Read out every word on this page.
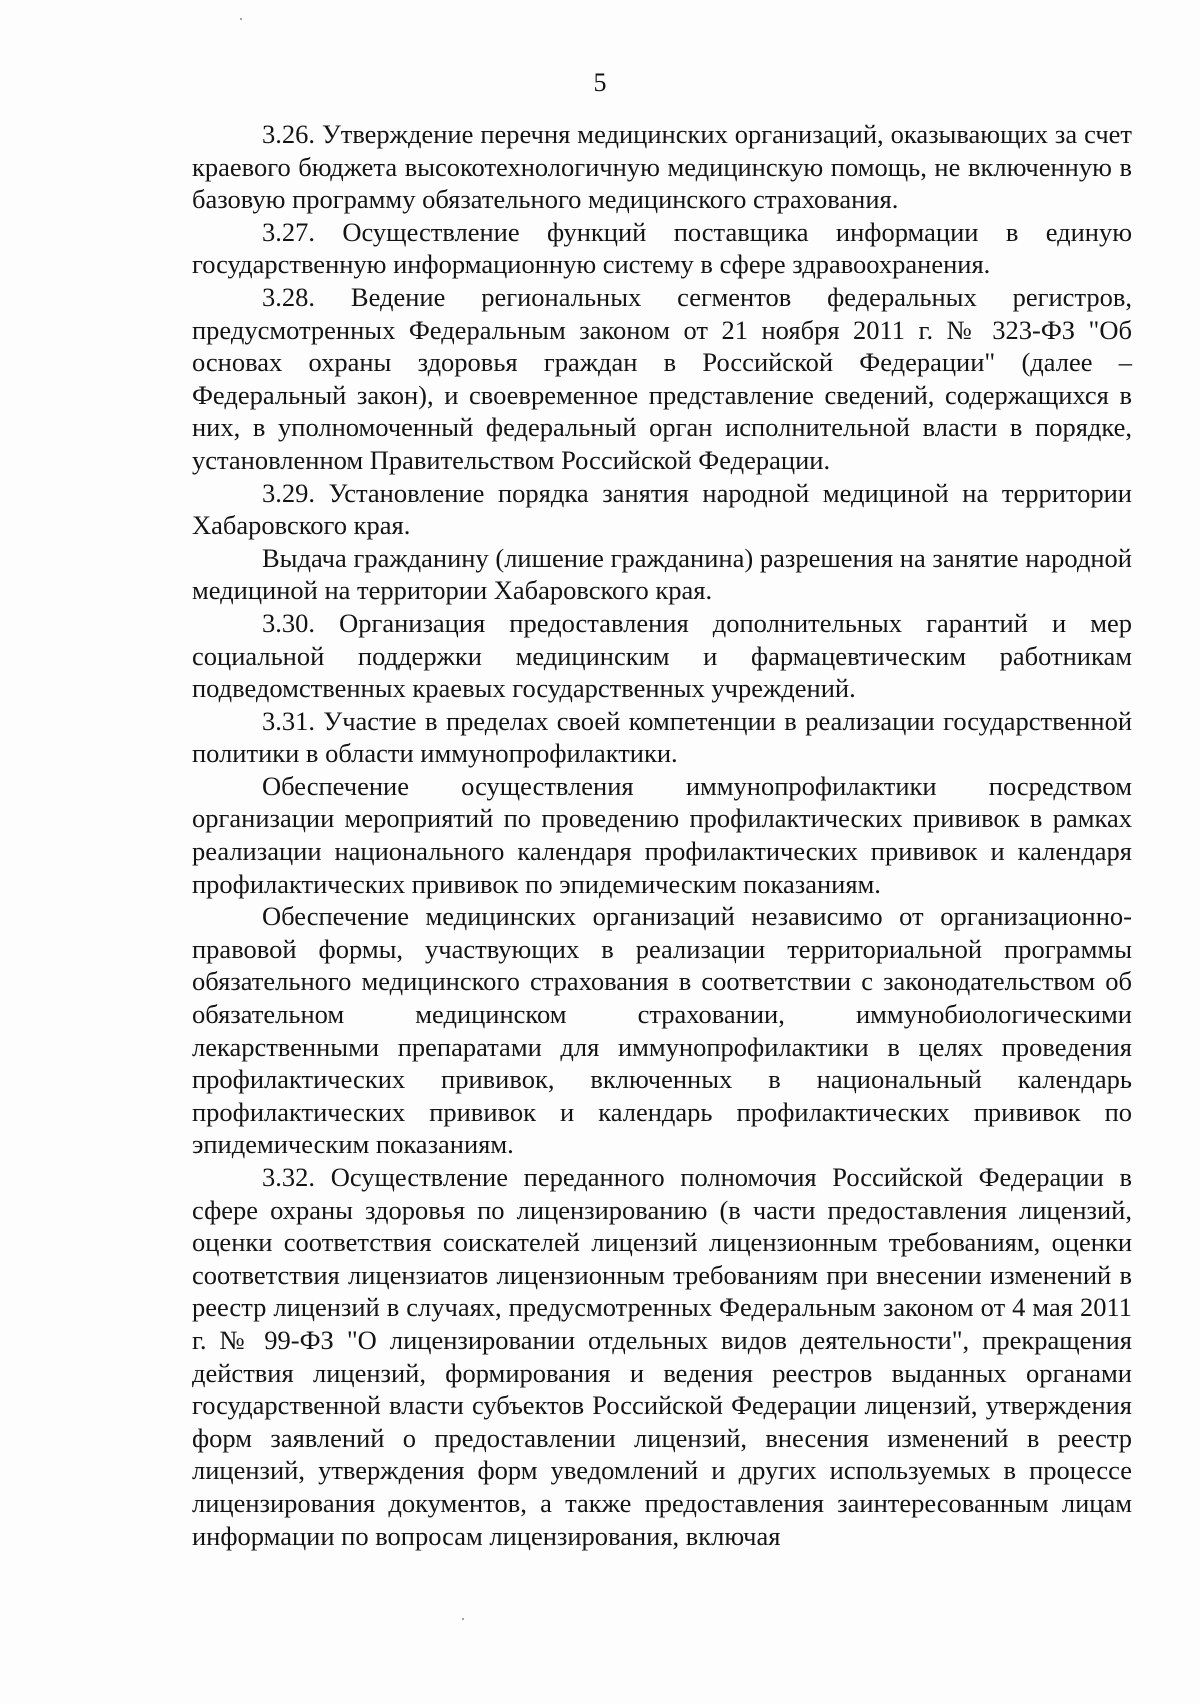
5

3.26. Утверждение перечня медицинских организаций, оказывающих за счет краевого бюджета высокотехнологичную медицинскую помощь, не включенную в базовую программу обязательного медицинского страхования.

3.27. Осуществление функций поставщика информации в единую государственную информационную систему в сфере здравоохранения.

3.28. Ведение региональных сегментов федеральных регистров, предусмотренных Федеральным законом от 21 ноября 2011 г. № 323-ФЗ "Об основах охраны здоровья граждан в Российской Федерации" (далее – Федеральный закон), и своевременное представление сведений, содержащихся в них, в уполномоченный федеральный орган исполнительной власти в порядке, установленном Правительством Российской Федерации.

3.29. Установление порядка занятия народной медициной на территории Хабаровского края.

Выдача гражданину (лишение гражданина) разрешения на занятие народной медициной на территории Хабаровского края.

3.30. Организация предоставления дополнительных гарантий и мер социальной поддержки медицинским и фармацевтическим работникам подведомственных краевых государственных учреждений.

3.31. Участие в пределах своей компетенции в реализации государственной политики в области иммунопрофилактики.

Обеспечение осуществления иммунопрофилактики посредством организации мероприятий по проведению профилактических прививок в рамках реализации национального календаря профилактических прививок и календаря профилактических прививок по эпидемическим показаниям.

Обеспечение медицинских организаций независимо от организационно-правовой формы, участвующих в реализации территориальной программы обязательного медицинского страхования в соответствии с законодательством об обязательном медицинском страховании, иммунобиологическими лекарственными препаратами для иммунопрофилактики в целях проведения профилактических прививок, включенных в национальный календарь профилактических прививок и календарь профилактических прививок по эпидемическим показаниям.

3.32. Осуществление переданного полномочия Российской Федерации в сфере охраны здоровья по лицензированию (в части предоставления лицензий, оценки соответствия соискателей лицензий лицензионным требованиям, оценки соответствия лицензиатов лицензионным требованиям при внесении изменений в реестр лицензий в случаях, предусмотренных Федеральным законом от 4 мая 2011 г. № 99-ФЗ "О лицензировании отдельных видов деятельности", прекращения действия лицензий, формирования и ведения реестров выданных органами государственной власти субъектов Российской Федерации лицензий, утверждения форм заявлений о предоставлении лицензий, внесения изменений в реестр лицензий, утверждения форм уведомлений и других используемых в процессе лицензирования документов, а также предоставления заинтересованным лицам информации по вопросам лицензирования, включая
